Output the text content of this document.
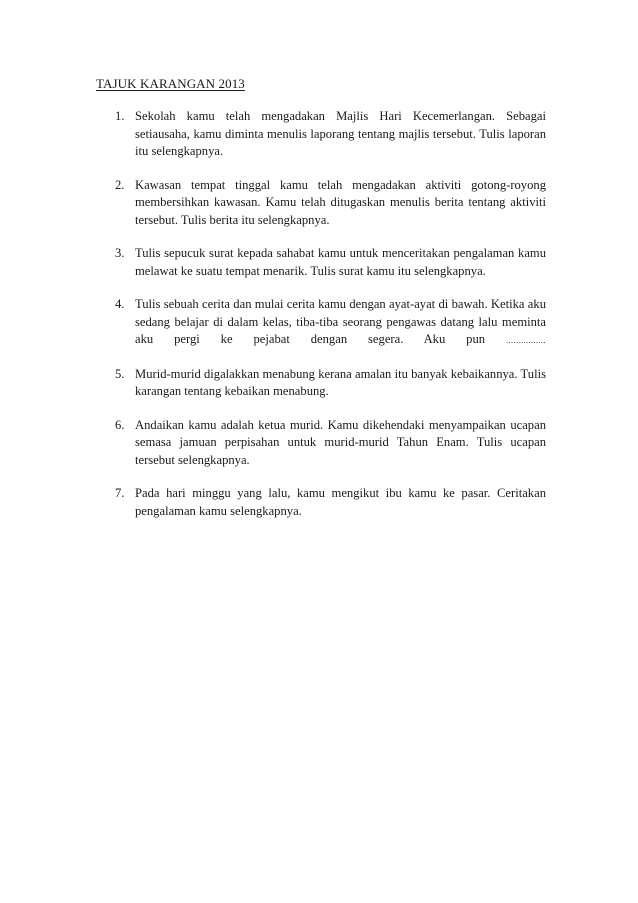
TAJUK KARANGAN 2013
1. Sekolah kamu telah mengadakan Majlis Hari Kecemerlangan. Sebagai setiausaha, kamu diminta menulis laporang tentang majlis tersebut. Tulis laporan itu selengkapnya.
2. Kawasan tempat tinggal kamu telah mengadakan aktiviti gotong-royong membersihkan kawasan. Kamu telah ditugaskan menulis berita tentang aktiviti tersebut. Tulis berita itu selengkapnya.
3. Tulis sepucuk surat kepada sahabat kamu untuk menceritakan pengalaman kamu melawat ke suatu tempat menarik. Tulis surat kamu itu selengkapnya.
4. Tulis sebuah cerita dan mulai cerita kamu dengan ayat-ayat di bawah. Ketika aku sedang belajar di dalam kelas, tiba-tiba seorang pengawas datang lalu meminta aku pergi ke pejabat dengan segera. Aku pun	................
5. Murid-murid digalakkan menabung kerana amalan itu banyak kebaikannya. Tulis karangan tentang kebaikan menabung.
6. Andaikan kamu adalah ketua murid. Kamu dikehendaki menyampaikan ucapan semasa jamuan perpisahan untuk murid-murid Tahun Enam. Tulis ucapan tersebut selengkapnya.
7. Pada hari minggu yang lalu, kamu mengikut ibu kamu ke pasar. Ceritakan pengalaman kamu selengkapnya.
